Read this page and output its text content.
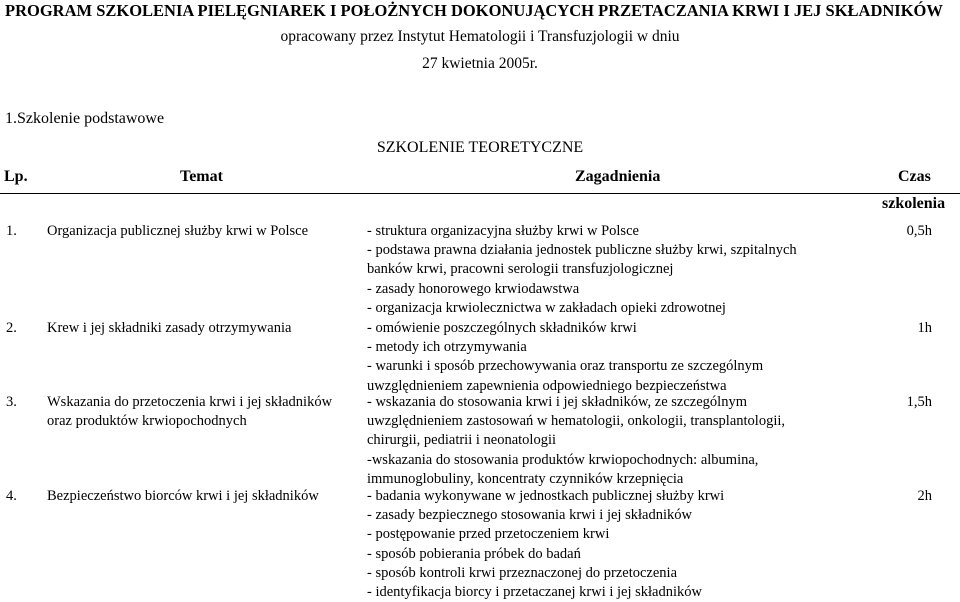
PROGRAM SZKOLENIA PIELĘGNIAREK I POŁOŻNYCH DOKONUJĄCYCH PRZETACZANIA KRWI I JEJ SKŁADNIKÓW
opracowany przez Instytut Hematologii i Transfuzjologii w dniu
27 kwietnia 2005r.
1.Szkolenie podstawowe
SZKOLENIE TEORETYCZNE
Lp.	Temat	Zagadnienia	Czas
szkolenia
1. Organizacja publicznej służby krwi w Polsce	- struktura organizacyjna służby krwi w Polsce
- podstawa prawna działania jednostek publiczne służby krwi, szpitalnych
banków krwi, pracowni serologii transfuzjologicznej
- zasady honorowego krwiodawstwa
- organizacja krwiolecznictwa w zakładach opieki zdrowotnej
0,5h
2. Krew i jej składniki zasady otrzymywania	- omówienie poszczególnych składników krwi
- metody ich otrzymywania
- warunki i sposób przechowywania oraz transportu ze szczególnym
uwzględnieniem zapewnienia odpowiedniego bezpieczeństwa
1h
3. Wskazania do przetoczenia krwi i jej składników oraz produktów krwiopochodnych
- wskazania do stosowania krwi i jej składników, ze szczególnym
uwzględnieniem zastosowań w hematologii, onkologii, transplantologii,
chirurgii, pediatrii i neonatologii
-wskazania do stosowania produktów krwiopochodnych: albumina,
immunoglobuliny, koncentraty czynników krzepnięcia
1,5h
4. Bezpieczeństwo biorców krwi i jej składników	- badania wykonywane w jednostkach publicznej służby krwi
- zasady bezpiecznego stosowania krwi i jej składników
- postępowanie przed przetoczeniem krwi
- sposób pobierania próbek do badań
- sposób kontroli krwi przeznaczonej do przetoczenia
- identyfikacja biorcy i przetaczanej krwi i jej składników
2h
